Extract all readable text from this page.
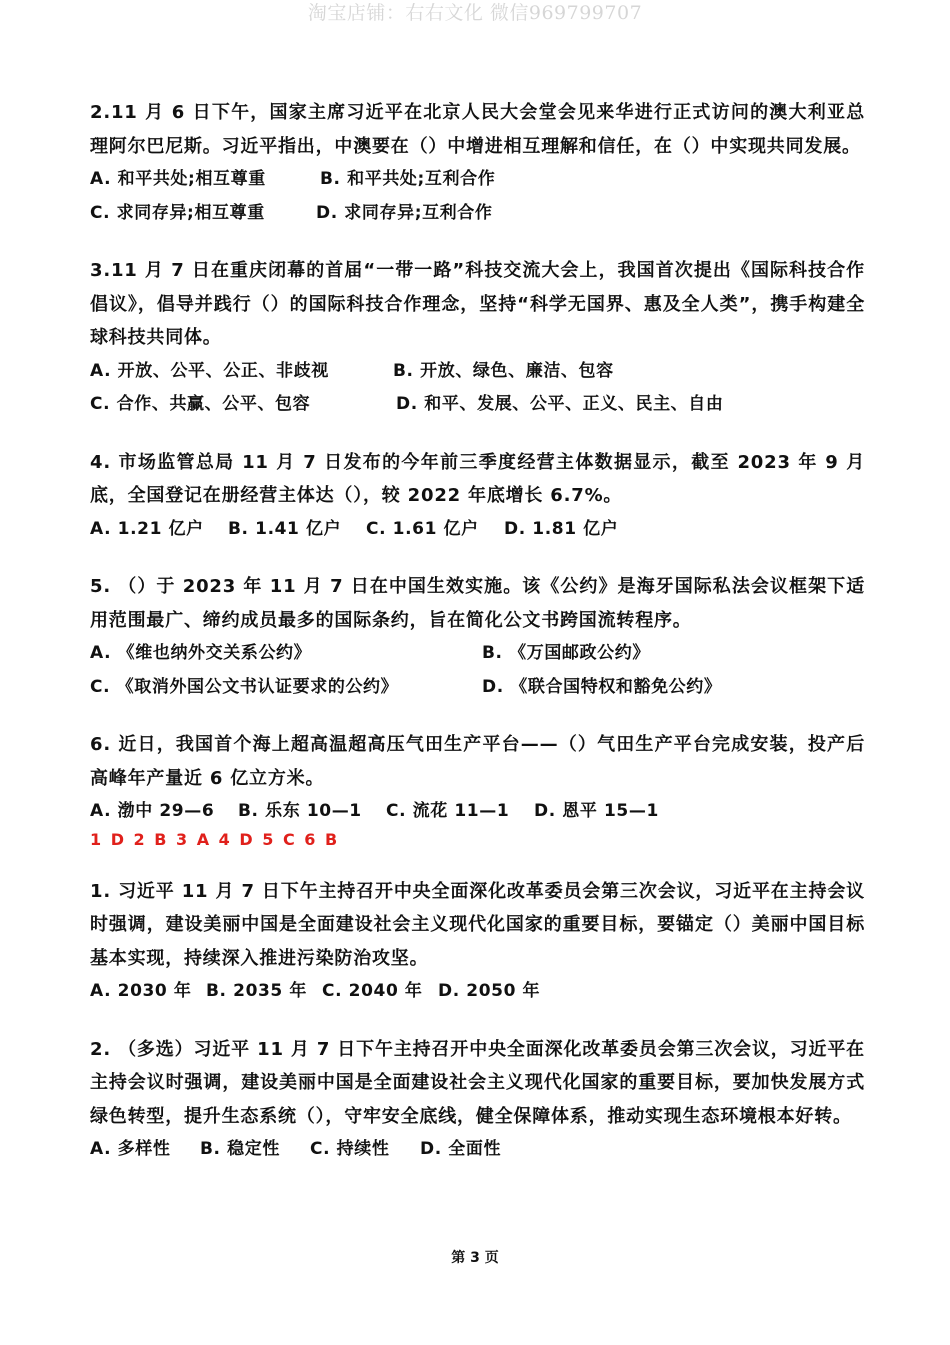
淘宝店铺：右右文化 微信969799707

2.11 月 6 日下午，国家主席习近平在北京人民大会堂会见来华进行正式访问的澳大利亚总理阿尔巴尼斯。习近平指出，中澳要在（）中增进相互理解和信任，在（）中实现共同发展。

A. 和平共处;相互尊重	B. 和平共处;互利合作
C. 求同存异;相互尊重	D. 求同存异;互利合作

3.11 月 7 日在重庆闭幕的首届“一带一路”科技交流大会上，我国首次提出《国际科技合作倡议》，倡导并践行（）的国际科技合作理念，坚持“科学无国界、惠及全人类”，携手构建全球科技共同体。

A. 开放、公平、公正、非歧视	B. 开放、绿色、廉洁、包容
C. 合作、共赢、公平、包容	D. 和平、发展、公平、正义、民主、自由

4. 市场监管总局 11 月 7 日发布的今年前三季度经营主体数据显示，截至 2023 年 9 月底，全国登记在册经营主体达（），较 2022 年底增长 6.7%。

A. 1.21 亿户 B. 1.41 亿户 C. 1.61 亿户 D. 1.81 亿户

5. （）于 2023 年 11 月 7 日在中国生效实施。该《公约》是海牙国际私法会议框架下适用范围最广、缔约成员最多的国际条约，旨在简化公文书跨国流转程序。

A. 《维也纳外交关系公约》	B. 《万国邮政公约》
C. 《取消外国公文书认证要求的公约》	D. 《联合国特权和豁免公约》

6. 近日，我国首个海上超高温超高压气田生产平台——（）气田生产平台完成安装，投产后高峰年产量近 6 亿立方米。

A. 渤中 29—6 B. 乐东 10—1 C. 流花 11—1 D. 恩平 15—1
1 D 2 B 3 A 4 D 5 C 6 B

1. 习近平 11 月 7 日下午主持召开中央全面深化改革委员会第三次会议，习近平在主持会议时强调，建设美丽中国是全面建设社会主义现代化国家的重要目标，要锚定（）美丽中国目标基本实现，持续深入推进污染防治攻坚。

A. 2030 年 B. 2035 年 C. 2040 年 D. 2050 年

2. （多选）习近平 11 月 7 日下午主持召开中央全面深化改革委员会第三次会议，习近平在主持会议时强调，建设美丽中国是全面建设社会主义现代化国家的重要目标，要加快发展方式绿色转型，提升生态系统（），守牢安全底线，健全保障体系，推动实现生态环境根本好转。

A. 多样性 B. 稳定性 C. 持续性 D. 全面性
第 3 页
